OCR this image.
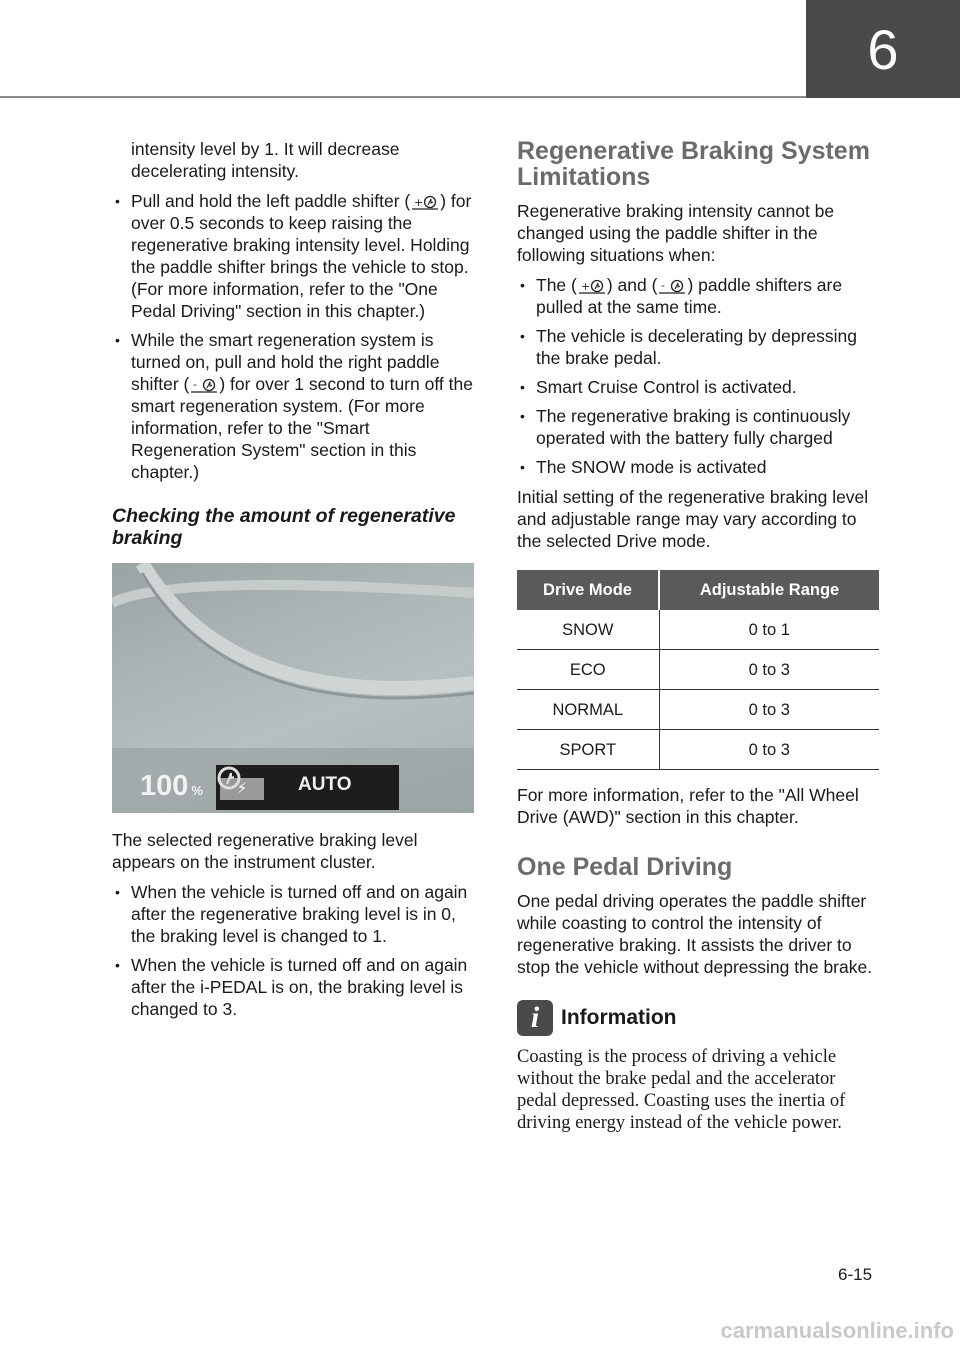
6

intensity level by 1. It will decrease decelerating intensity.

• Pull and hold the left paddle shifter ( + ) for over 0.5 seconds to keep raising the regenerative braking intensity level. Holding the paddle shifter brings the vehicle to stop. (For more information, refer to the "One Pedal Driving" section in this chapter.)
• While the smart regeneration system is turned on, pull and hold the right paddle shifter ( - ) for over 1 second to turn off the smart regeneration system. (For more information, refer to the "Smart Regeneration System" section in this chapter.)
Checking the amount of regenerative braking
100 %	⚡	AUTO

The selected regenerative braking level appears on the instrument cluster.

• When the vehicle is turned off and on again after the regenerative braking level is in 0, the braking level is changed to 1.
• When the vehicle is turned off and on again after the i-PEDAL is on, the braking level is changed to 3.
Regenerative Braking System Limitations

Regenerative braking intensity cannot be changed using the paddle shifter in the following situations when:

• The ( + ) and ( - ) paddle shifters are pulled at the same time.
• The vehicle is decelerating by depressing the brake pedal.
• Smart Cruise Control is activated.
• The regenerative braking is continuously operated with the battery fully charged
• The SNOW mode is activated

Initial setting of the regenerative braking level and adjustable range may vary according to the selected Drive mode.

Drive Mode	Adjustable Range
SNOW	0 to 1
ECO	0 to 3
NORMAL	0 to 3
SPORT	0 to 3

For more information, refer to the "All Wheel Drive (AWD)" section in this chapter.

One Pedal Driving

One pedal driving operates the paddle shifter while coasting to control the intensity of regenerative braking. It assists the driver to stop the vehicle without depressing the brake.

i	Information

Coasting is the process of driving a vehicle without the brake pedal and the accelerator pedal depressed. Coasting uses the inertia of driving energy instead of the vehicle power.

6-15
carmanualsonline.info
